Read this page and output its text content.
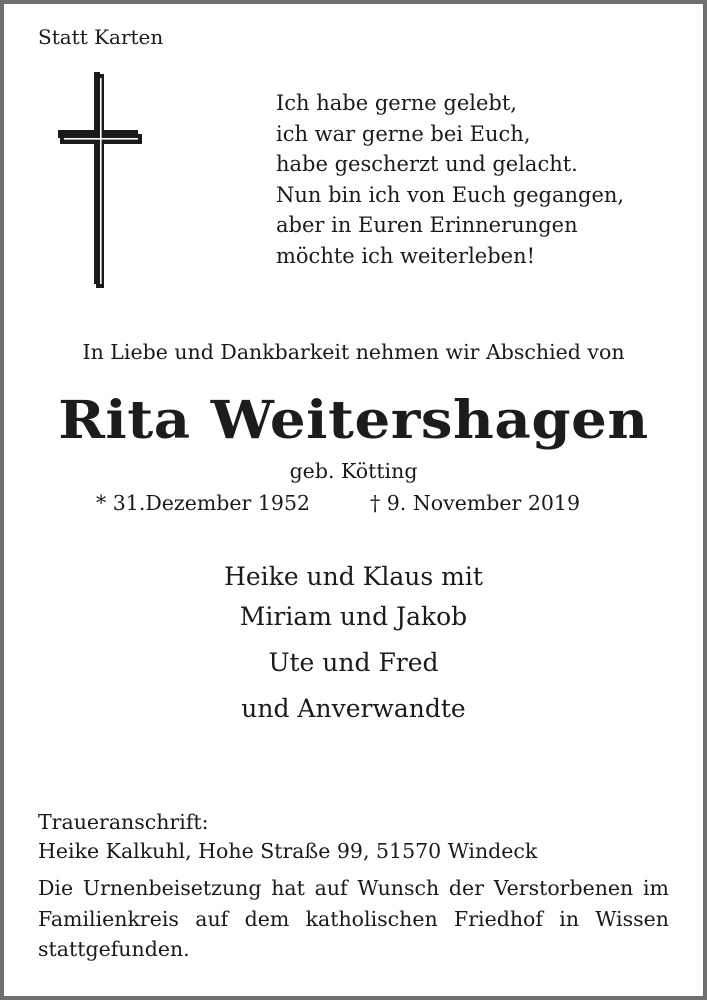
Statt Karten
Ich habe gerne gelebt,
ich war gerne bei Euch,
habe gescherzt und gelacht.
Nun bin ich von Euch gegangen,
aber in Euren Erinnerungen
möchte ich weiterleben!
In Liebe und Dankbarkeit nehmen wir Abschied von
Rita Weitershagen
geb. Kötting
* 31.Dezember 1952	† 9. November 2019
Heike und Klaus mit
Miriam und Jakob
Ute und Fred
und Anverwandte
Traueranschrift:
Heike Kalkuhl, Hohe Straße 99, 51570 Windeck
Die Urnenbeisetzung hat auf Wunsch der Verstorbenen im Familienkreis auf dem katholischen Friedhof in Wissen stattgefunden.
